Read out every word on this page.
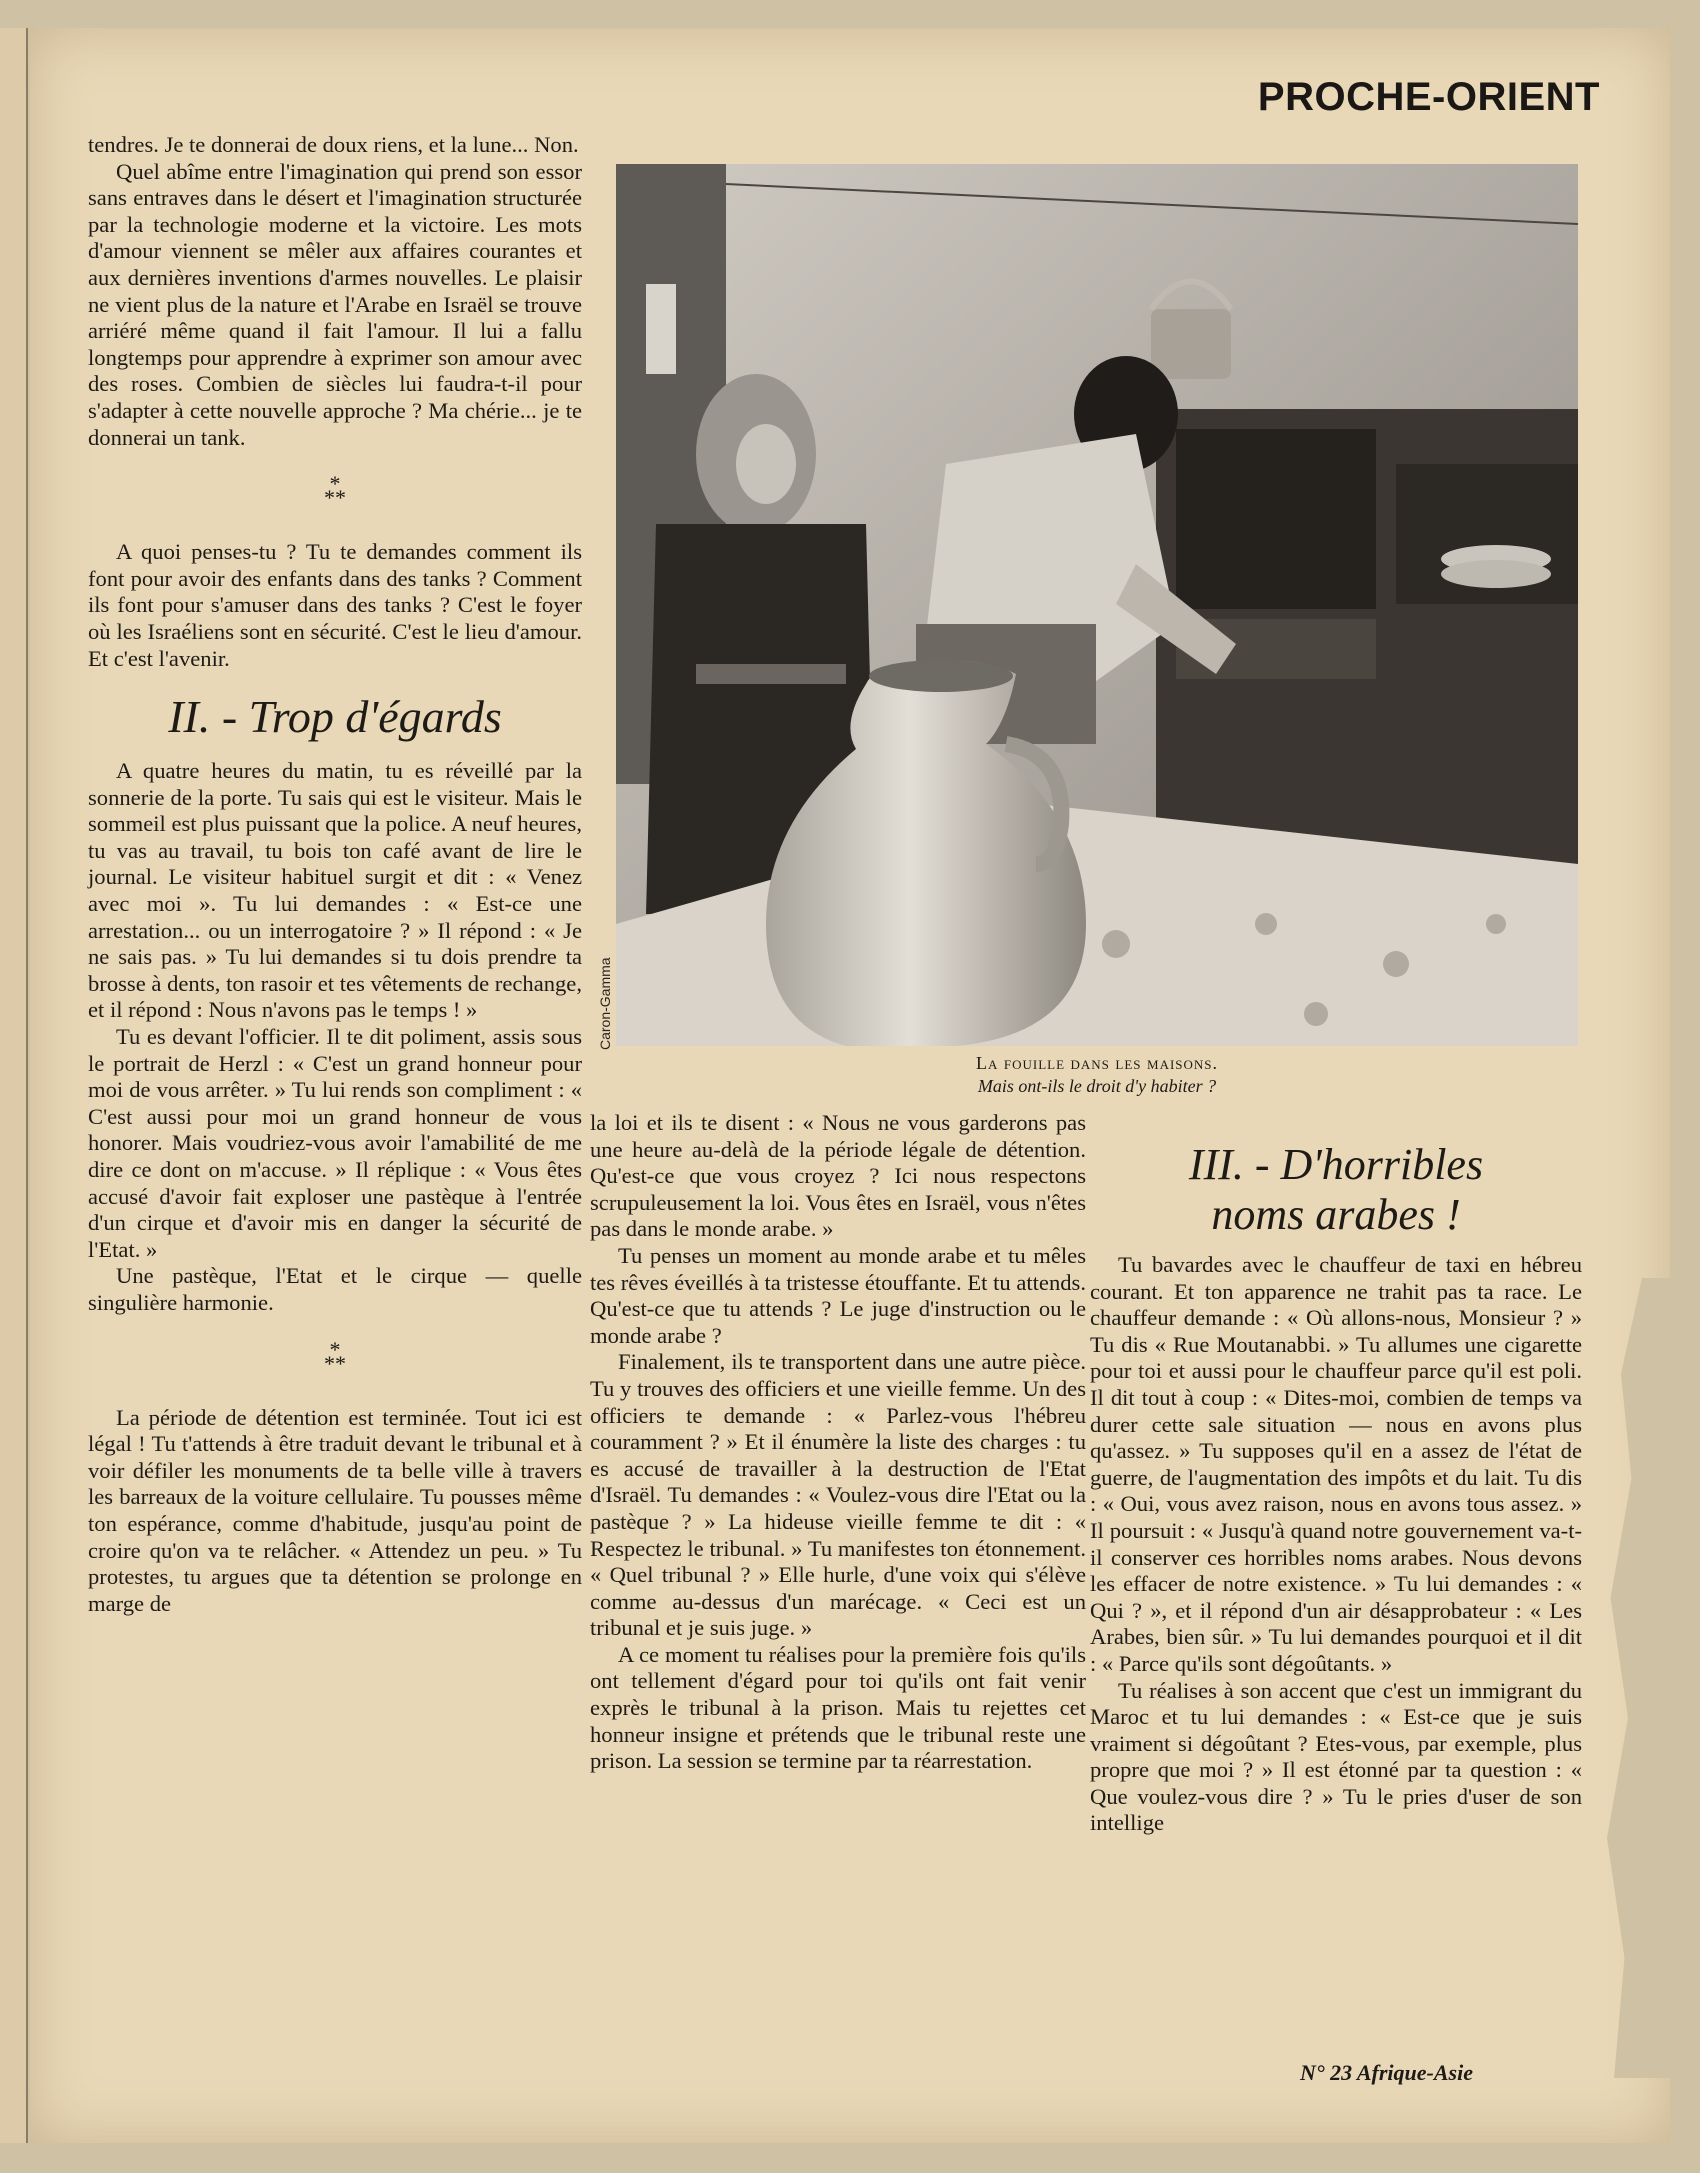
PROCHE-ORIENT

tendres. Je te donnerai de doux riens, et la lune... Non.

Quel abîme entre l'imagination qui prend son essor sans entraves dans le désert et l'imagination structurée par la technologie moderne et la victoire. Les mots d'amour viennent se mêler aux affaires courantes et aux dernières inventions d'armes nouvelles. Le plaisir ne vient plus de la nature et l'Arabe en Israël se trouve arriéré même quand il fait l'amour. Il lui a fallu longtemps pour apprendre à exprimer son amour avec des roses. Combien de siècles lui faudra-t-il pour s'adapter à cette nouvelle approche ? Ma chérie... je te donnerai un tank.

*
**

A quoi penses-tu ? Tu te demandes comment ils font pour avoir des enfants dans des tanks ? Comment ils font pour s'amuser dans des tanks ? C'est le foyer où les Israéliens sont en sécurité. C'est le lieu d'amour. Et c'est l'avenir.

II. - Trop d'égards

A quatre heures du matin, tu es réveillé par la sonnerie de la porte. Tu sais qui est le visiteur. Mais le sommeil est plus puissant que la police. A neuf heures, tu vas au travail, tu bois ton café avant de lire le journal. Le visiteur habituel surgit et dit : « Venez avec moi ». Tu lui demandes : « Est-ce une arrestation... ou un interrogatoire ? » Il répond : « Je ne sais pas. » Tu lui demandes si tu dois prendre ta brosse à dents, ton rasoir et tes vêtements de rechange, et il répond : Nous n'avons pas le temps ! »

Tu es devant l'officier. Il te dit poliment, assis sous le portrait de Herzl : « C'est un grand honneur pour moi de vous arrêter. » Tu lui rends son compliment : « C'est aussi pour moi un grand honneur de vous honorer. Mais voudriez-vous avoir l'amabilité de me dire ce dont on m'accuse. » Il réplique : « Vous êtes accusé d'avoir fait exploser une pastèque à l'entrée d'un cirque et d'avoir mis en danger la sécurité de l'Etat. »

Une pastèque, l'Etat et le cirque — quelle singulière harmonie.

*
**

La période de détention est terminée. Tout ici est légal ! Tu t'attends à être traduit devant le tribunal et à voir défiler les monuments de ta belle ville à travers les barreaux de la voiture cellulaire. Tu pousses même ton espérance, comme d'habitude, jusqu'au point de croire qu'on va te relâcher. « Attendez un peu. » Tu protestes, tu argues que ta détention se prolonge en marge de

Caron-Gamma
La fouille dans les maisons.
Mais ont-ils le droit d'y habiter ?

la loi et ils te disent : « Nous ne vous garderons pas une heure au-delà de la période légale de détention. Qu'est-ce que vous croyez ? Ici nous respectons scrupuleusement la loi. Vous êtes en Israël, vous n'êtes pas dans le monde arabe. »

Tu penses un moment au monde arabe et tu mêles tes rêves éveillés à ta tristesse étouffante. Et tu attends. Qu'est-ce que tu attends ? Le juge d'instruction ou le monde arabe ?

Finalement, ils te transportent dans une autre pièce. Tu y trouves des officiers et une vieille femme. Un des officiers te demande : « Parlez-vous l'hébreu couramment ? » Et il énumère la liste des charges : tu es accusé de travailler à la destruction de l'Etat d'Israël. Tu demandes : « Voulez-vous dire l'Etat ou la pastèque ? » La hideuse vieille femme te dit : « Respectez le tribunal. » Tu manifestes ton étonnement. « Quel tribunal ? » Elle hurle, d'une voix qui s'élève comme au-dessus d'un marécage. « Ceci est un tribunal et je suis juge. »

A ce moment tu réalises pour la première fois qu'ils ont tellement d'égard pour toi qu'ils ont fait venir exprès le tribunal à la prison. Mais tu rejettes cet honneur insigne et prétends que le tribunal reste une prison. La session se termine par ta réarrestation.

III. - D'horribles
noms arabes !

Tu bavardes avec le chauffeur de taxi en hébreu courant. Et ton apparence ne trahit pas ta race. Le chauffeur demande : « Où allons-nous, Monsieur ? » Tu dis « Rue Moutanabbi. » Tu allumes une cigarette pour toi et aussi pour le chauffeur parce qu'il est poli. Il dit tout à coup : « Dites-moi, combien de temps va durer cette sale situation — nous en avons plus qu'assez. » Tu supposes qu'il en a assez de l'état de guerre, de l'augmentation des impôts et du lait. Tu dis : « Oui, vous avez raison, nous en avons tous assez. » Il poursuit : « Jusqu'à quand notre gouvernement va-t-il conserver ces horribles noms arabes. Nous devons les effacer de notre existence. » Tu lui demandes : « Qui ? », et il répond d'un air désapprobateur : « Les Arabes, bien sûr. » Tu lui demandes pourquoi et il dit : « Parce qu'ils sont dégoûtants. »

Tu réalises à son accent que c'est un immigrant du Maroc et tu lui demandes : « Est-ce que je suis vraiment si dégoûtant ? Etes-vous, par exemple, plus propre que moi ? » Il est étonné par ta question : « Que voulez-vous dire ? » Tu le pries d'user de son intellige

N° 23 Afrique-Asie
